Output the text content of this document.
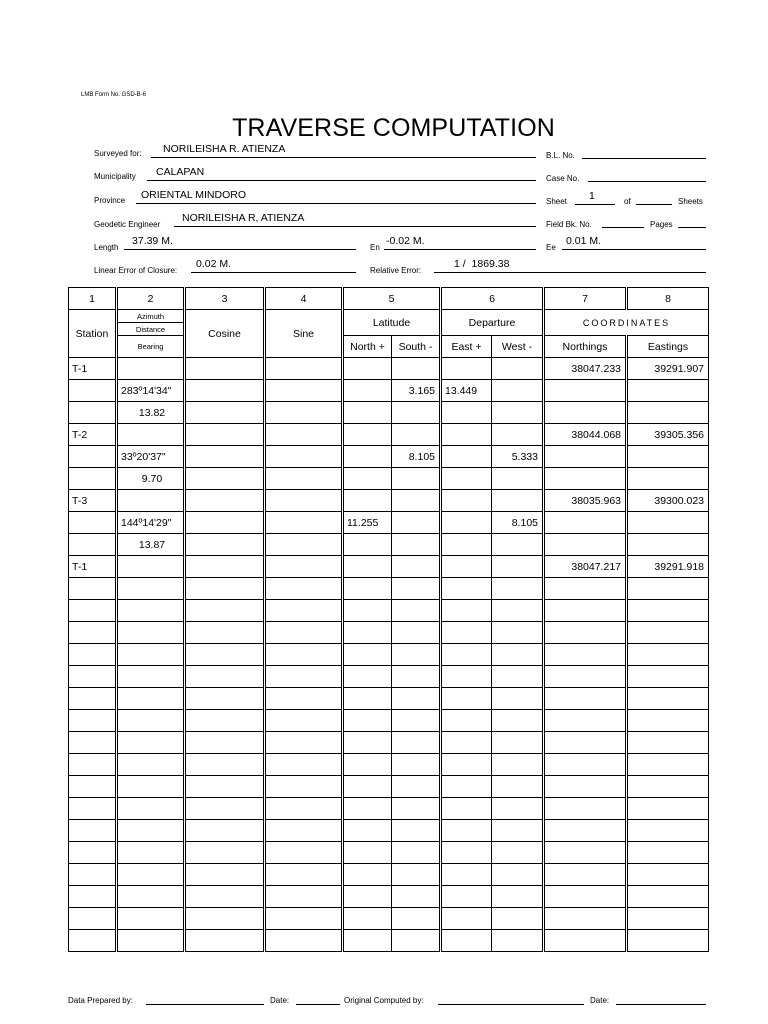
LMB Form No. GSD-B-6
TRAVERSE COMPUTATION
Surveyed for: NORILEISHA R. ATIENZA
B.L. No.
Municipality CALAPAN
Case No.
Province ORIENTAL MINDORO
Sheet 1	of	Sheets
Geodetic Engineer
NORILEISHA R, ATIENZA
Field Bk. No.	Pages
Length
37.39 M.
En
-0.02 M.
Ee
0.01 M.
Linear Error of Closure:
0.02 M.
Relative Error:
1 /  1869.38
1	2	3	4	5		6		7	8
Station	Azimuth	Cosine	Sine	Latitude		Departure		COORDINATES	
	Distance								
	Bearing			North +	South -	East +	West -	Northings	Eastings
T-1								38047.233	39291.907
	283º14'34"				3.165	13.449			
	13.82								
T-2								38044.068	39305.356
	33º20'37"				8.105		5.333		
	9.70								
T-3								38035.963	39300.023
	144º14'29"			11.255			8.105		
	13.87								
T-1								38047.217	39291.918

Data Prepared by:	Date:	Original Computed by:	Date:
